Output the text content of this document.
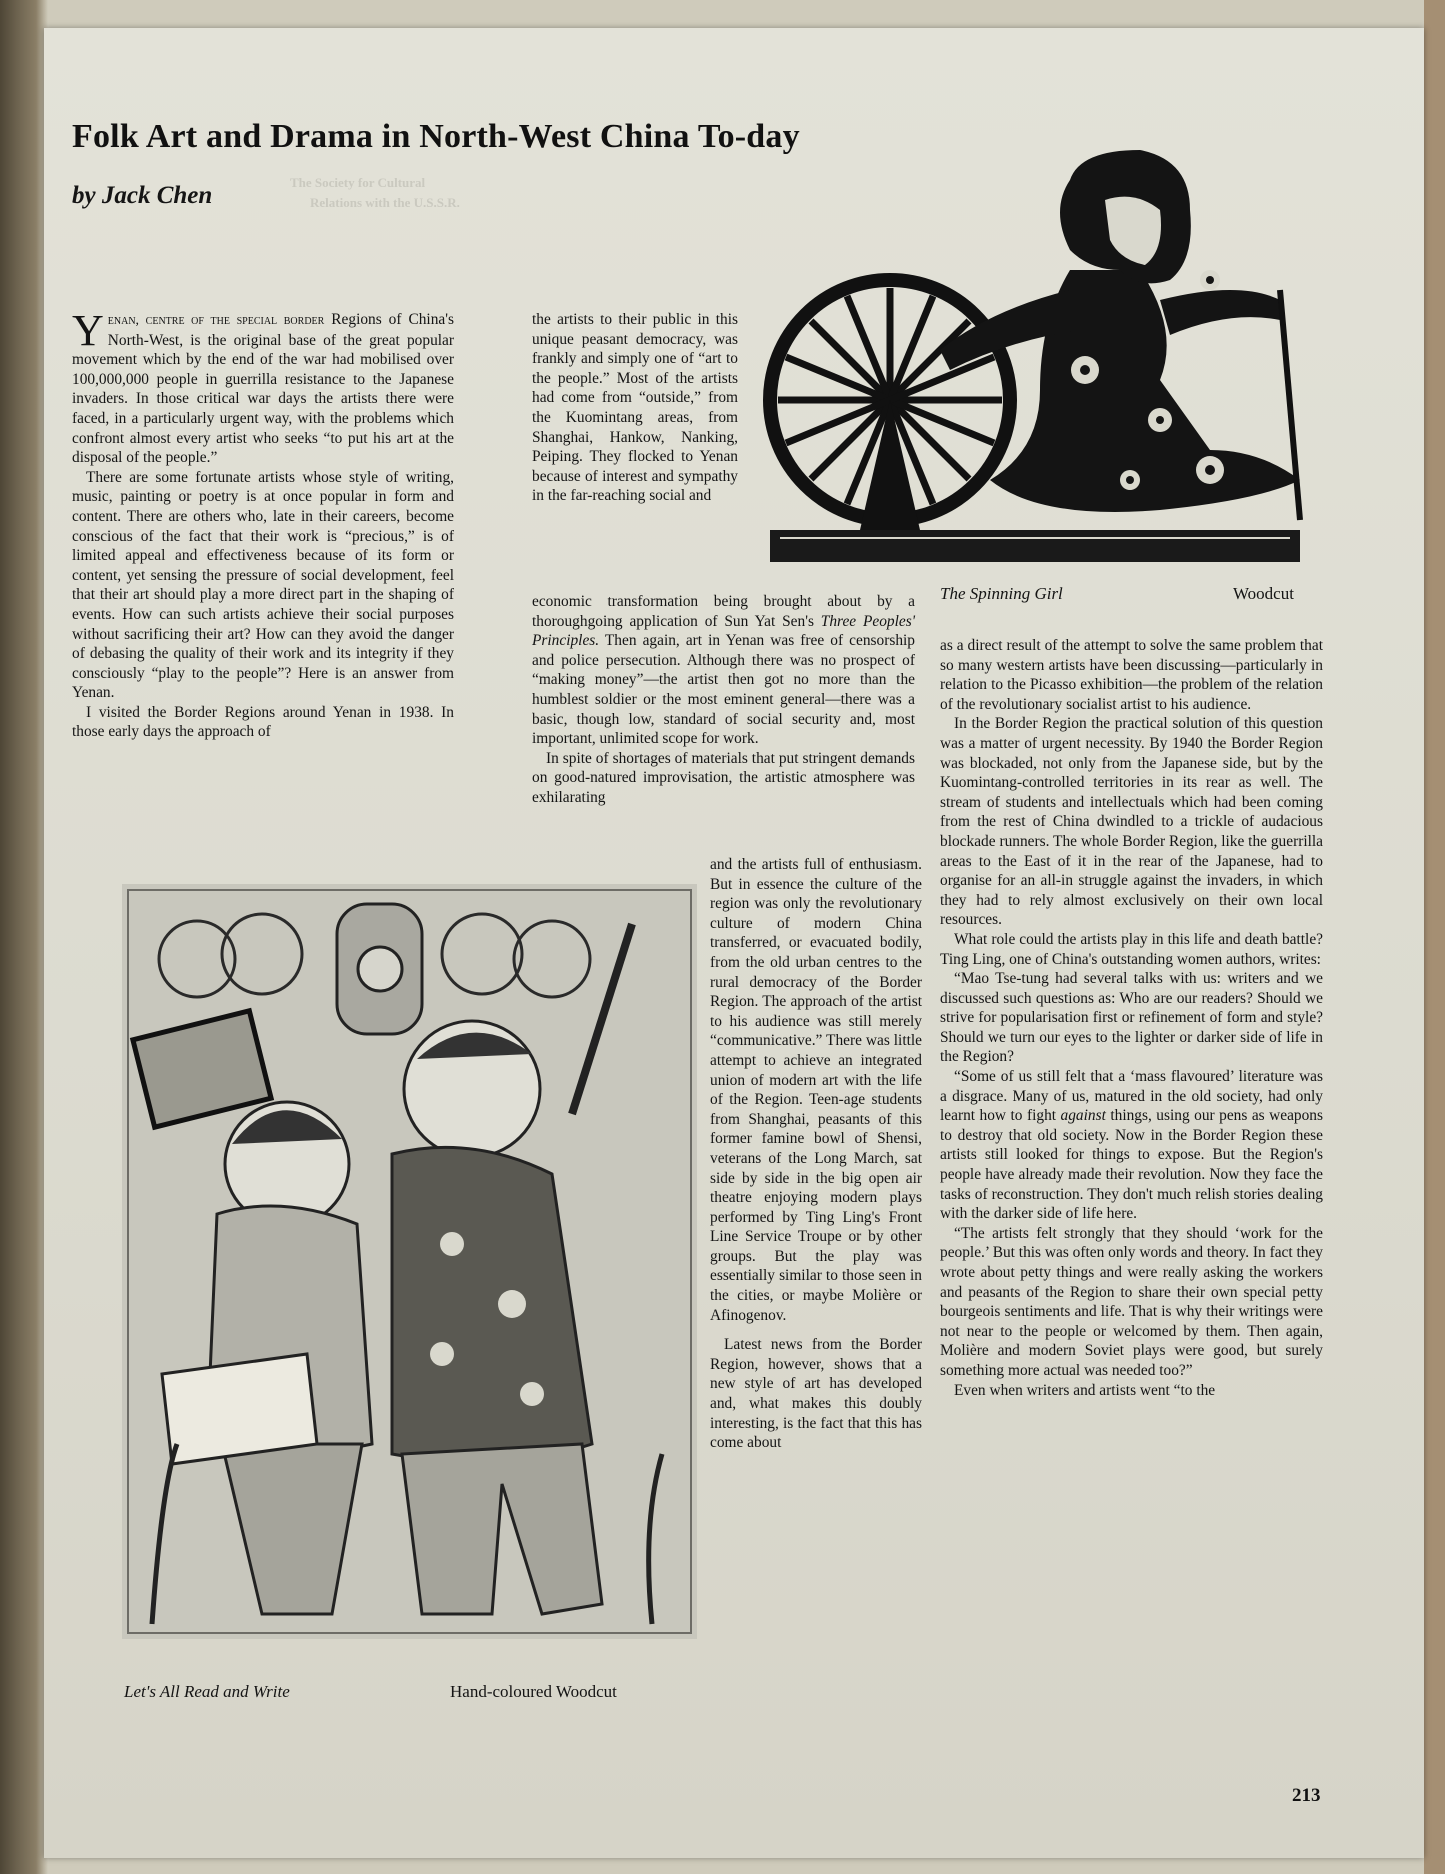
The Society for Cultural
Relations with the U.S.S.R.
Folk Art and Drama in North-West China To-day
by Jack Chen

Yenan, centre of the special border Regions of China's North-West, is the original base of the great popular movement which by the end of the war had mobilised over 100,000,000 people in guerrilla resistance to the Japanese invaders. In those critical war days the artists there were faced, in a particularly urgent way, with the problems which confront almost every artist who seeks “to put his art at the disposal of the people.”

There are some fortunate artists whose style of writing, music, painting or poetry is at once popular in form and content. There are others who, late in their careers, become conscious of the fact that their work is “precious,” is of limited appeal and effectiveness because of its form or content, yet sensing the pressure of social development, feel that their art should play a more direct part in the shaping of events. How can such artists achieve their social purposes without sacrificing their art? How can they avoid the danger of debasing the quality of their work and its integrity if they consciously “play to the people”? Here is an answer from Yenan.

I visited the Border Regions around Yenan in 1938. In those early days the approach of

the artists to their public in this unique peasant democracy, was frankly and simply one of “art to the people.” Most of the artists had come from “outside,” from the Kuomintang areas, from Shanghai, Hankow, Nanking, Peiping. They flocked to Yenan because of interest and sympathy in the far-reaching social and

economic transformation being brought about by a thoroughgoing application of Sun Yat Sen's Three Peoples' Principles. Then again, art in Yenan was free of censorship and police persecution. Although there was no prospect of “making money”—the artist then got no more than the humblest soldier or the most eminent general—there was a basic, though low, standard of social security and, most important, unlimited scope for work.

In spite of shortages of materials that put stringent demands on good-natured improvisation, the artistic atmosphere was exhilarating

and the artists full of enthusiasm. But in essence the culture of the region was only the revolutionary culture of modern China transferred, or evacuated bodily, from the old urban centres to the rural democracy of the Border Region. The approach of the artist to his audience was still merely “communicative.” There was little attempt to achieve an integrated union of modern art with the life of the Region. Teen-age students from Shanghai, peasants of this former famine bowl of Shensi, veterans of the Long March, sat side by side in the big open air theatre enjoying modern plays performed by Ting Ling's Front Line Service Troupe or by other groups. But the play was essentially similar to those seen in the cities, or maybe Molière or Afinogenov.

Latest news from the Border Region, however, shows that a new style of art has developed and, what makes this doubly interesting, is the fact that this has come about

as a direct result of the attempt to solve the same problem that so many western artists have been discussing—particularly in relation to the Picasso exhibition—the problem of the relation of the revolutionary socialist artist to his audience.

In the Border Region the practical solution of this question was a matter of urgent necessity. By 1940 the Border Region was blockaded, not only from the Japanese side, but by the Kuomintang-controlled territories in its rear as well. The stream of students and intellectuals which had been coming from the rest of China dwindled to a trickle of audacious blockade runners. The whole Border Region, like the guerrilla areas to the East of it in the rear of the Japanese, had to organise for an all-in struggle against the invaders, in which they had to rely almost exclusively on their own local resources.

What role could the artists play in this life and death battle? Ting Ling, one of China's outstanding women authors, writes:

“Mao Tse-tung had several talks with us: writers and we discussed such questions as: Who are our readers? Should we strive for popularisation first or refinement of form and style? Should we turn our eyes to the lighter or darker side of life in the Region?

“Some of us still felt that a ‘mass flavoured’ literature was a disgrace. Many of us, matured in the old society, had only learnt how to fight against things, using our pens as weapons to destroy that old society. Now in the Border Region these artists still looked for things to expose. But the Region's people have already made their revolution. Now they face the tasks of reconstruction. They don't much relish stories dealing with the darker side of life here.

“The artists felt strongly that they should ‘work for the people.’ But this was often only words and theory. In fact they wrote about petty things and were really asking the workers and peasants of the Region to share their own special petty bourgeois sentiments and life. That is why their writings were not near to the people or welcomed by them. Then again, Molière and modern Soviet plays were good, but surely something more actual was needed too?”

Even when writers and artists went “to the

The Spinning Girl	Woodcut
Let's All Read and Write	Hand-coloured Woodcut
213
